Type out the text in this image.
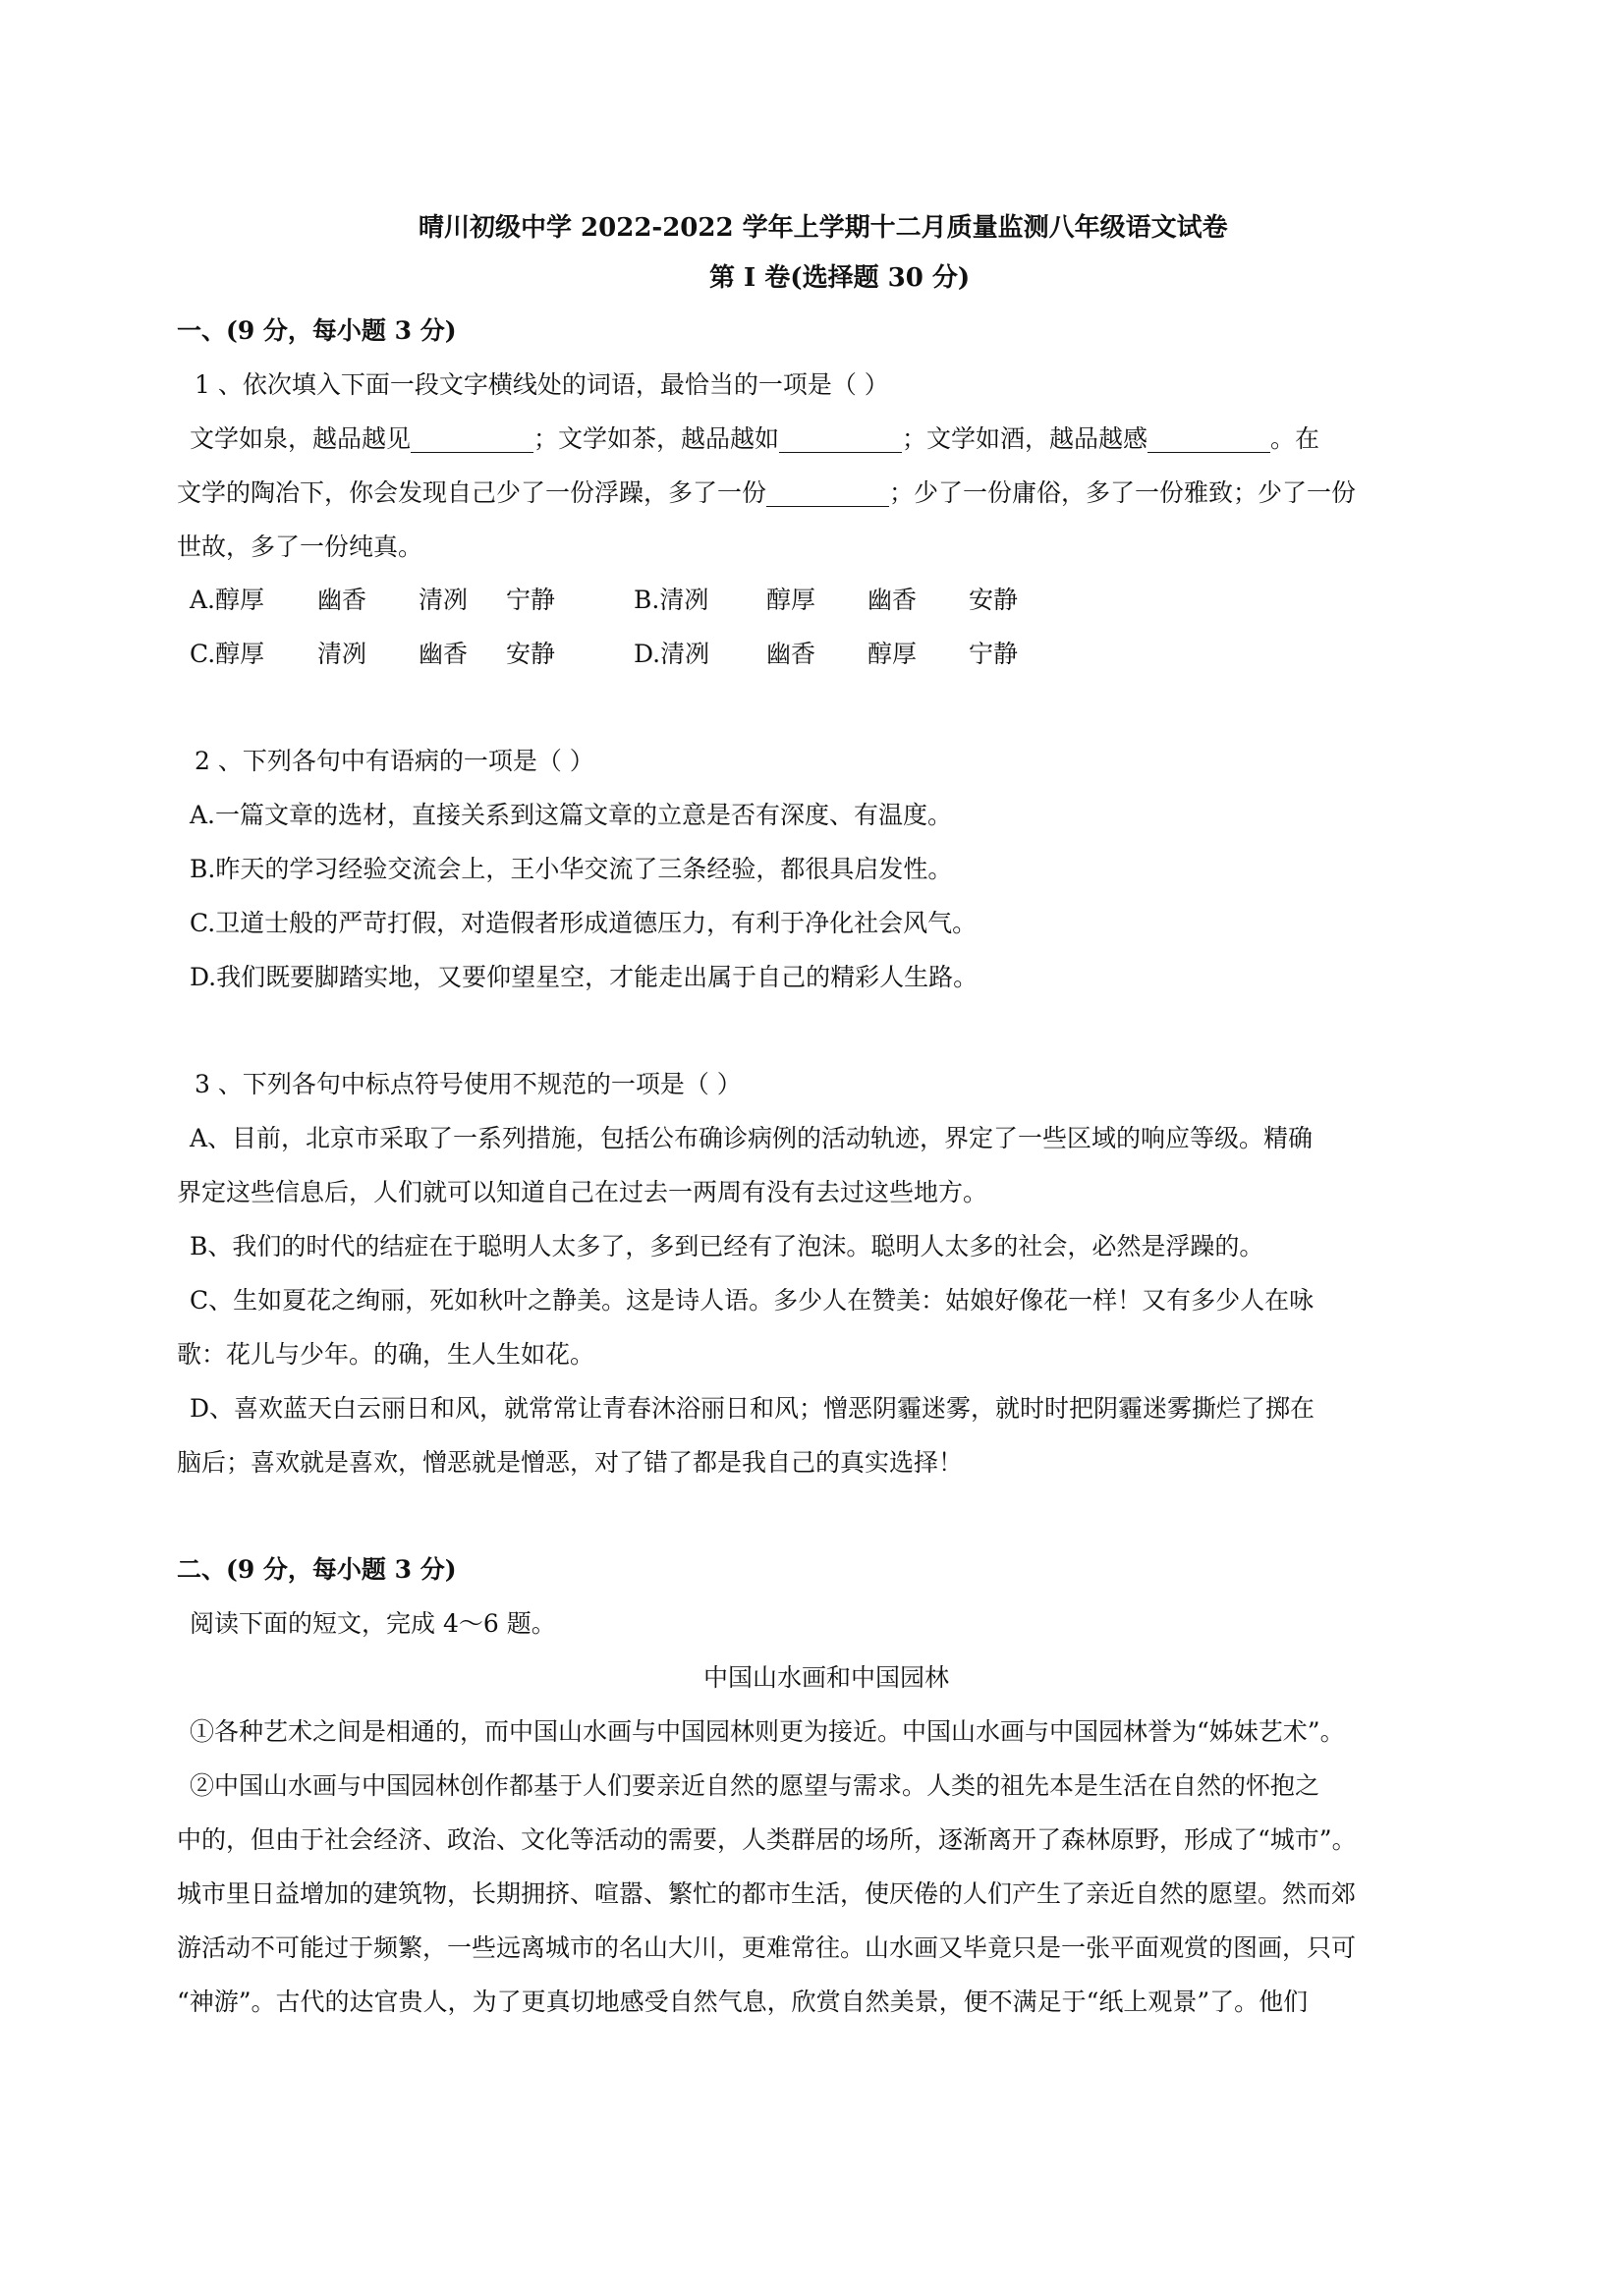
晴川初级中学 2022-2022 学年上学期十二月质量监测八年级语文试卷
第 I 卷(选择题 30 分)
一、(9 分，每小题 3 分)
1 、依次填入下面一段文字横线处的词语，最恰当的一项是（ ）
文学如泉，越品越见__________；文学如茶，越品越如__________；文学如酒，越品越感__________。在
文学的陶冶下，你会发现自己少了一份浮躁，多了一份__________；少了一份庸俗，多了一份雅致；少了一份
世故，多了一份纯真。
A.醇厚 幽香 清冽 宁静	B.清冽 醇厚 幽香 安静
C.醇厚 清冽 幽香 安静	D.清冽 幽香 醇厚 宁静
2 、下列各句中有语病的一项是（ ）
A.一篇文章的选材，直接关系到这篇文章的立意是否有深度、有温度。
B.昨天的学习经验交流会上，王小华交流了三条经验，都很具启发性。
C.卫道士般的严苛打假，对造假者形成道德压力，有利于净化社会风气。
D.我们既要脚踏实地，又要仰望星空，才能走出属于自己的精彩人生路。
3 、下列各句中标点符号使用不规范的一项是（ ）
A、目前，北京市采取了一系列措施，包括公布确诊病例的活动轨迹，界定了一些区域的响应等级。精确
界定这些信息后，人们就可以知道自己在过去一两周有没有去过这些地方。
B、我们的时代的结症在于聪明人太多了，多到已经有了泡沫。聪明人太多的社会，必然是浮躁的。
C、生如夏花之绚丽，死如秋叶之静美。这是诗人语。多少人在赞美：姑娘好像花一样！又有多少人在咏
歌：花儿与少年。的确，生人生如花。
D、喜欢蓝天白云丽日和风，就常常让青春沐浴丽日和风；憎恶阴霾迷雾，就时时把阴霾迷雾撕烂了掷在
脑后；喜欢就是喜欢，憎恶就是憎恶，对了错了都是我自己的真实选择！
二、(9 分，每小题 3 分)
阅读下面的短文，完成 4～6 题。
中国山水画和中国园林
①各种艺术之间是相通的，而中国山水画与中国园林则更为接近。中国山水画与中国园林誉为“姊妹艺术”。
②中国山水画与中国园林创作都基于人们要亲近自然的愿望与需求。人类的祖先本是生活在自然的怀抱之
中的，但由于社会经济、政治、文化等活动的需要，人类群居的场所，逐渐离开了森林原野，形成了“城市”。
城市里日益增加的建筑物，长期拥挤、喧嚣、繁忙的都市生活，使厌倦的人们产生了亲近自然的愿望。然而郊
游活动不可能过于频繁，一些远离城市的名山大川，更难常往。山水画又毕竟只是一张平面观赏的图画，只可
“神游”。古代的达官贵人，为了更真切地感受自然气息，欣赏自然美景，便不满足于“纸上观景”了。他们
